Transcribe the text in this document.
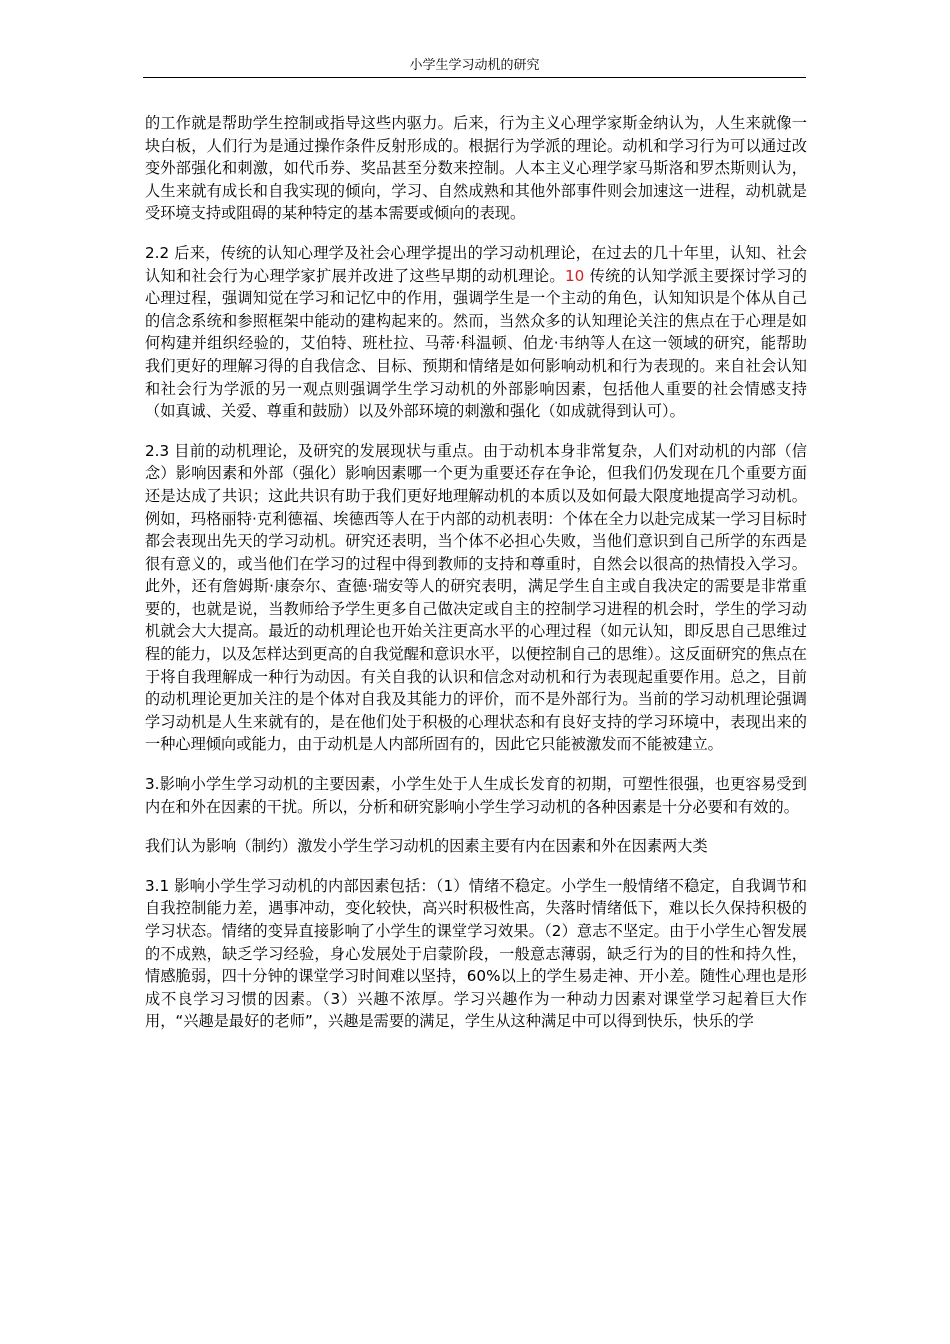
小学生学习动机的研究

的工作就是帮助学生控制或指导这些内驱力。后来，行为主义心理学家斯金纳认为，人生来就像一块白板，人们行为是通过操作条件反射形成的。根据行为学派的理论。动机和学习行为可以通过改变外部强化和刺激，如代币券、奖品甚至分数来控制。人本主义心理学家马斯洛和罗杰斯则认为，人生来就有成长和自我实现的倾向，学习、自然成熟和其他外部事件则会加速这一进程，动机就是受环境支持或阻碍的某种特定的基本需要或倾向的表现。

2.2 后来，传统的认知心理学及社会心理学提出的学习动机理论，在过去的几十年里，认知、社会认知和社会行为心理学家扩展并改进了这些早期的动机理论。10 传统的认知学派主要探讨学习的心理过程，强调知觉在学习和记忆中的作用，强调学生是一个主动的角色，认知知识是个体从自己的信念系统和参照框架中能动的建构起来的。然而，当然众多的认知理论关注的焦点在于心理是如何构建并组织经验的，艾伯特、班杜拉、马蒂·科温顿、伯龙·韦纳等人在这一领域的研究，能帮助我们更好的理解习得的自我信念、目标、预期和情绪是如何影响动机和行为表现的。来自社会认知和社会行为学派的另一观点则强调学生学习动机的外部影响因素，包括他人重要的社会情感支持（如真诚、关爱、尊重和鼓励）以及外部环境的刺激和强化（如成就得到认可）。

2.3 目前的动机理论，及研究的发展现状与重点。由于动机本身非常复杂，人们对动机的内部（信念）影响因素和外部（强化）影响因素哪一个更为重要还存在争论，但我们仍发现在几个重要方面还是达成了共识；这此共识有助于我们更好地理解动机的本质以及如何最大限度地提高学习动机。例如，玛格丽特·克利德福、埃德西等人在于内部的动机表明：个体在全力以赴完成某一学习目标时都会表现出先天的学习动机。研究还表明，当个体不必担心失败，当他们意识到自己所学的东西是很有意义的，或当他们在学习的过程中得到教师的支持和尊重时，自然会以很高的热情投入学习。此外，还有詹姆斯·康奈尔、查德·瑞安等人的研究表明，满足学生自主或自我决定的需要是非常重要的，也就是说，当教师给予学生更多自己做决定或自主的控制学习进程的机会时，学生的学习动机就会大大提高。最近的动机理论也开始关注更高水平的心理过程（如元认知，即反思自己思维过程的能力，以及怎样达到更高的自我觉醒和意识水平，以便控制自己的思维）。这反面研究的焦点在于将自我理解成一种行为动因。有关自我的认识和信念对动机和行为表现起重要作用。总之，目前的动机理论更加关注的是个体对自我及其能力的评价，而不是外部行为。当前的学习动机理论强调学习动机是人生来就有的，是在他们处于积极的心理状态和有良好支持的学习环境中，表现出来的一种心理倾向或能力，由于动机是人内部所固有的，因此它只能被激发而不能被建立。

3.影响小学生学习动机的主要因素，小学生处于人生成长发育的初期，可塑性很强，也更容易受到内在和外在因素的干扰。所以，分析和研究影响小学生学习动机的各种因素是十分必要和有效的。

我们认为影响（制约）激发小学生学习动机的因素主要有内在因素和外在因素两大类

3.1 影响小学生学习动机的内部因素包括：（1）情绪不稳定。小学生一般情绪不稳定，自我调节和自我控制能力差，遇事冲动，变化较快，高兴时积极性高，失落时情绪低下，难以长久保持积极的学习状态。情绪的变异直接影响了小学生的课堂学习效果。（2）意志不坚定。由于小学生心智发展的不成熟，缺乏学习经验，身心发展处于启蒙阶段，一般意志薄弱，缺乏行为的目的性和持久性，情感脆弱，四十分钟的课堂学习时间难以坚持，60%以上的学生易走神、开小差。随性心理也是形成不良学习习惯的因素。（3）兴趣不浓厚。学习兴趣作为一种动力因素对课堂学习起着巨大作用，“兴趣是最好的老师”，兴趣是需要的满足，学生从这种满足中可以得到快乐，快乐的学
